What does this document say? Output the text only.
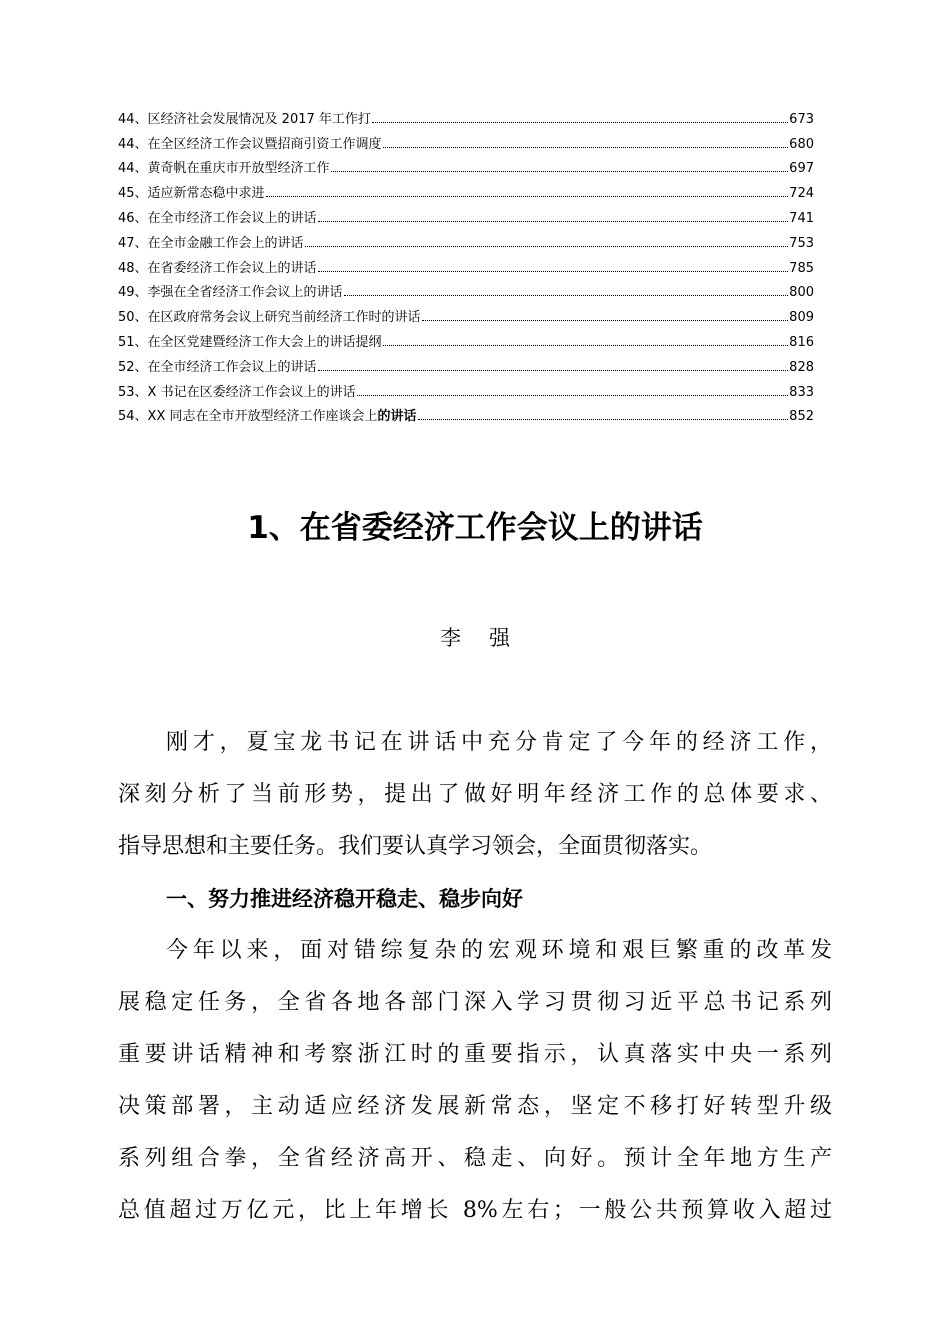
44、 区经济社会发展情况及 2017 年工作打	673
44、 在全区经济工作会议暨招商引资工作调度	680
44、 黄奇帆在重庆市开放型经济工作	697
45、 适应新常态稳中求进	724
46、 在全市经济工作会议上的讲话	741
47、 在全市金融工作会上的讲话	753
48、 在省委经济工作会议上的讲话	785
49、 李强在全省经济工作会议上的讲话	800
50、 在区政府常务会议上研究当前经济工作时的讲话	809
51、 在全区党建暨经济工作大会上的讲话提纲	816
52、 在全市经济工作会议上的讲话	828
53、 X 书记在区委经济工作会议上的讲话	833
54、 XX 同志在全市开放型经济工作座谈会上的讲话	852
1、在省委经济工作会议上的讲话
李强
刚才，夏宝龙书记在讲话中充分肯定了今年的经济工作，
深刻分析了当前形势，提出了做好明年经济工作的总体要求、
指导思想和主要任务。我们要认真学习领会，全面贯彻落实。
一、努力推进经济稳开稳走、稳步向好
今年以来，面对错综复杂的宏观环境和艰巨繁重的改革发
展稳定任务，全省各地各部门深入学习贯彻习近平总书记系列
重要讲话精神和考察浙江时的重要指示，认真落实中央一系列
决策部署，主动适应经济发展新常态，坚定不移打好转型升级
系列组合拳，全省经济高开、稳走、向好。预计全年地方生产
总值超过万亿元，比上年增长 8%左右；一般公共预算收入超过
